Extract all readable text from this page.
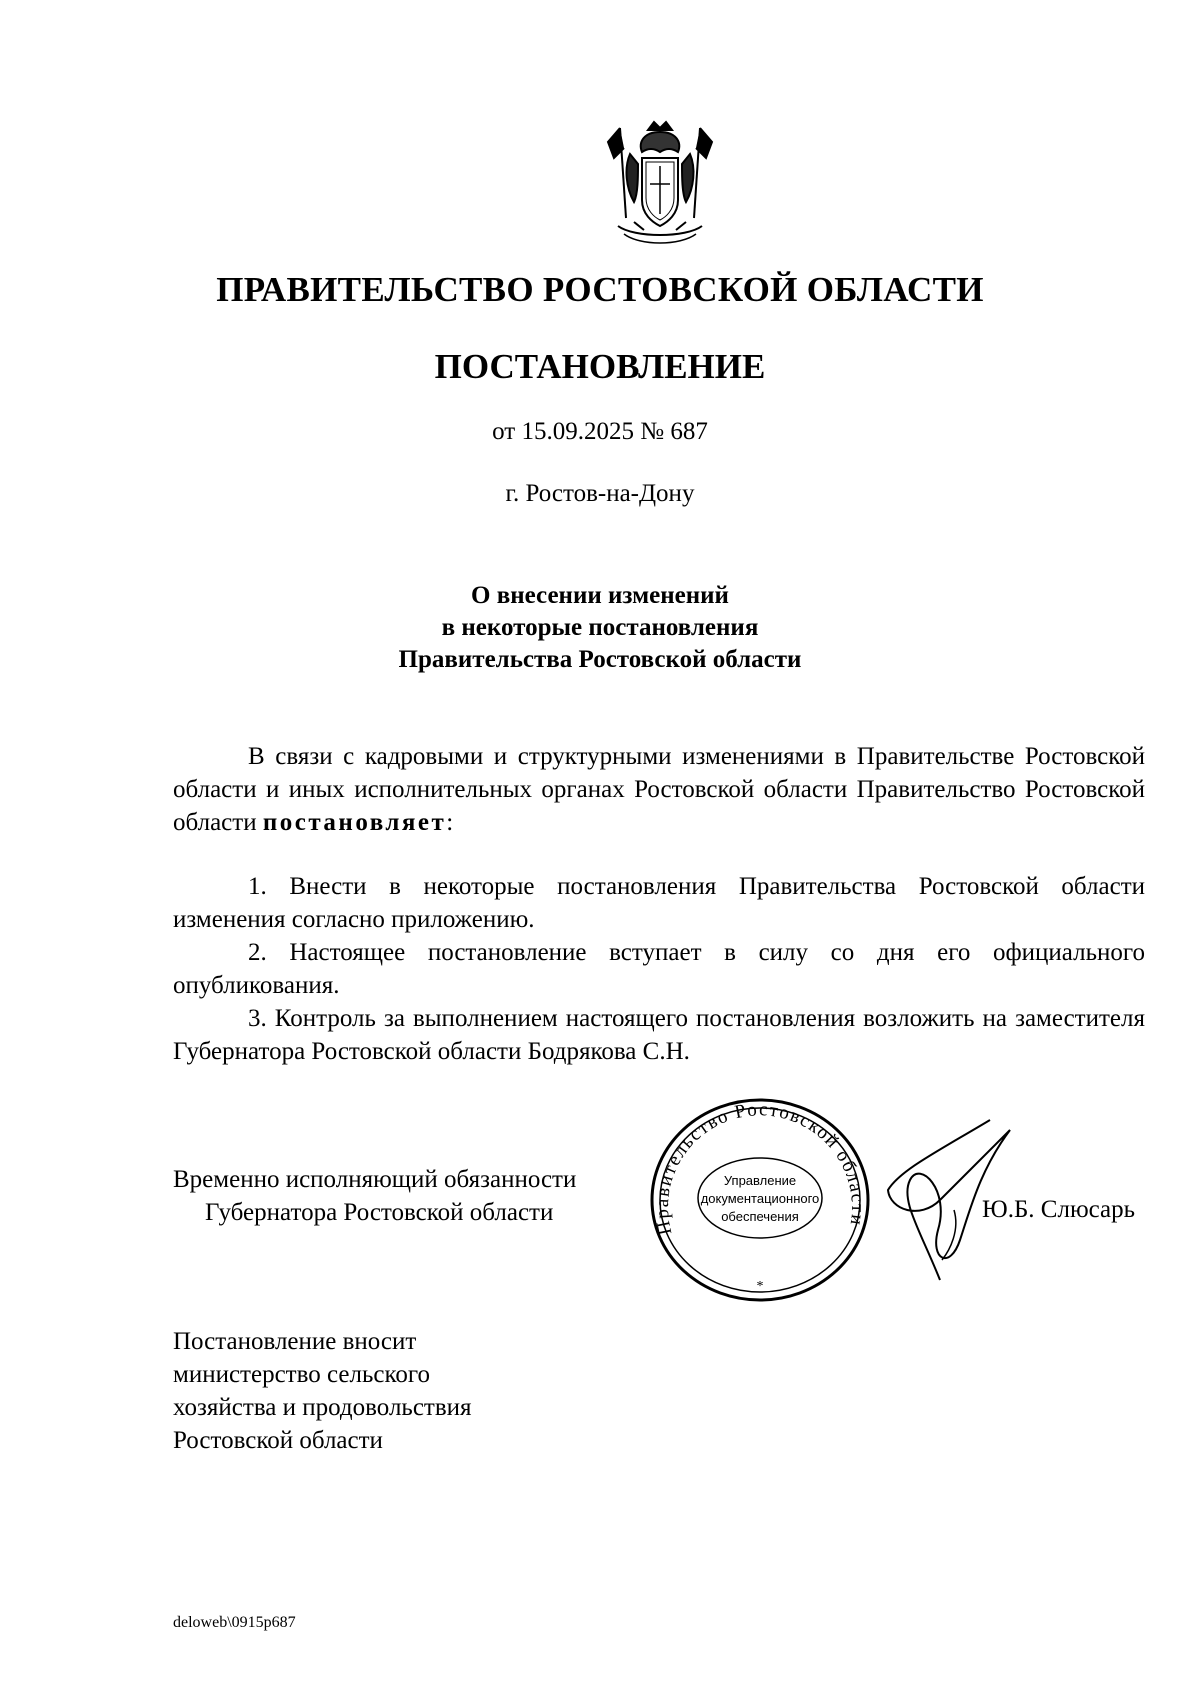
ПРАВИТЕЛЬСТВО РОСТОВСКОЙ ОБЛАСТИ
ПОСТАНОВЛЕНИЕ
от 15.09.2025 № 687
г. Ростов-на-Дону
О внесении изменений
в некоторые постановления
Правительства Ростовской области

В связи с кадровыми и структурными изменениями в Правительстве Ростовской области и иных исполнительных органах Ростовской области Правительство Ростовской области постановляет:

1. Внести в некоторые постановления Правительства Ростовской области изменения согласно приложению.

2. Настоящее постановление вступает в силу со дня его официального опубликования.

3. Контроль за выполнением настоящего постановления возложить на заместителя Губернатора Ростовской области Бодрякова С.Н.

Временно исполняющий обязанности
Губернатора Ростовской области
Правительство Ростовской области
Управление
документационного
обеспечения
*
Ю.Б. Слюсарь
Постановление вносит
министерство сельского
хозяйства и продовольствия
Ростовской области
deloweb\0915p687
